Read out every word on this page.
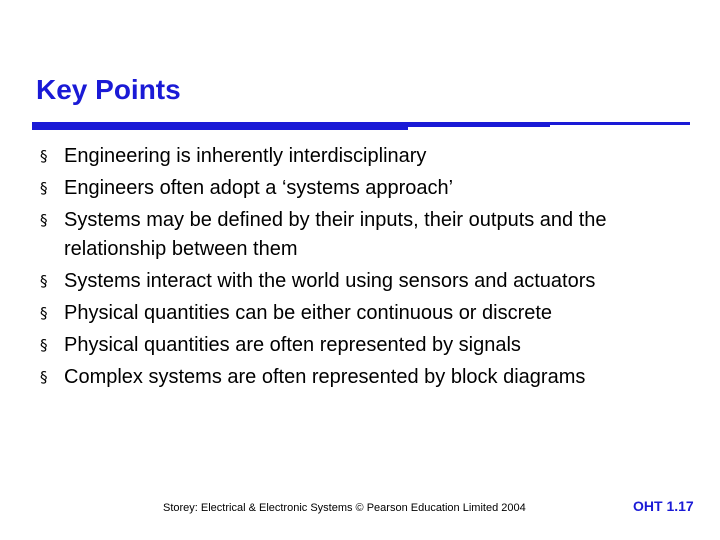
Key Points
§ Engineering is inherently interdisciplinary
§ Engineers often adopt a ‘systems approach’
§ Systems may be defined by their inputs, their outputs and the relationship between them
§ Systems interact with the world using sensors and actuators
§ Physical quantities can be either continuous or discrete
§ Physical quantities are often represented by signals
§ Complex systems are often represented by block diagrams
Storey: Electrical & Electronic Systems © Pearson Education Limited 2004	OHT 1.17
